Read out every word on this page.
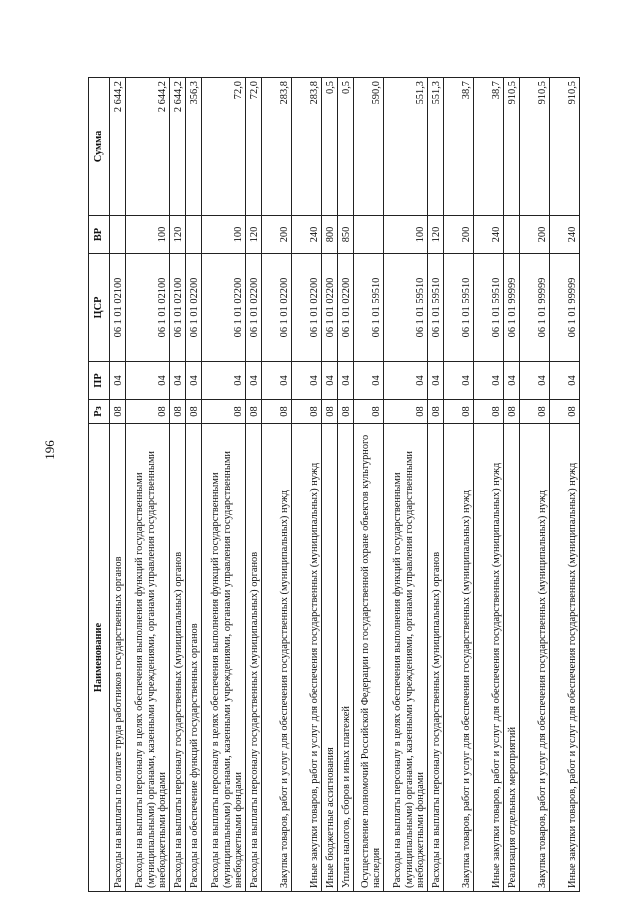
196
Наименование	Рз	ПР	ЦСР	ВР	Сумма
Расходы на выплаты по оплате труда работников государственных органов	08	04	06 1 01 02100		2 644,2
Расходы на выплаты персоналу в целях обеспечения выполнения функций государственными (муниципальными) органами, казенными учреждениями, органами управления государственными внебюджетными фондами	08	04	06 1 01 02100	100	2 644,2
Расходы на выплаты персоналу государственных (муниципальных) органов	08	04	06 1 01 02100	120	2 644,2
Расходы на обеспечение функций государственных органов	08	04	06 1 01 02200		356,3
Расходы на выплаты персоналу в целях обеспечения выполнения функций государственными (муниципальными) органами, казенными учреждениями, органами управления государственными внебюджетными фондами	08	04	06 1 01 02200	100	72,0
Расходы на выплаты персоналу государственных (муниципальных) органов	08	04	06 1 01 02200	120	72,0
Закупка товаров, работ и услуг для обеспечения государственных (муниципальных) нужд	08	04	06 1 01 02200	200	283,8
Иные закупки товаров, работ и услуг для обеспечения государственных (муниципальных) нужд	08	04	06 1 01 02200	240	283,8
Иные бюджетные ассигнования	08	04	06 1 01 02200	800	0,5
Уплата налогов, сборов и иных платежей	08	04	06 1 01 02200	850	0,5
Осуществление полномочий Российской Федерации по государственной охране объектов культурного наследия	08	04	06 1 01 59510		590,0
Расходы на выплаты персоналу в целях обеспечения выполнения функций государственными (муниципальными) органами, казенными учреждениями, органами управления государственными внебюджетными фондами	08	04	06 1 01 59510	100	551,3
Расходы на выплаты персоналу государственных (муниципальных) органов	08	04	06 1 01 59510	120	551,3
Закупка товаров, работ и услуг для обеспечения государственных (муниципальных) нужд	08	04	06 1 01 59510	200	38,7
Иные закупки товаров, работ и услуг для обеспечения государственных (муниципальных) нужд	08	04	06 1 01 59510	240	38,7
Реализация отдельных мероприятий	08	04	06 1 01 99999		910,5
Закупка товаров, работ и услуг для обеспечения государственных (муниципальных) нужд	08	04	06 1 01 99999	200	910,5
Иные закупки товаров, работ и услуг для обеспечения государственных (муниципальных) нужд	08	04	06 1 01 99999	240	910,5
